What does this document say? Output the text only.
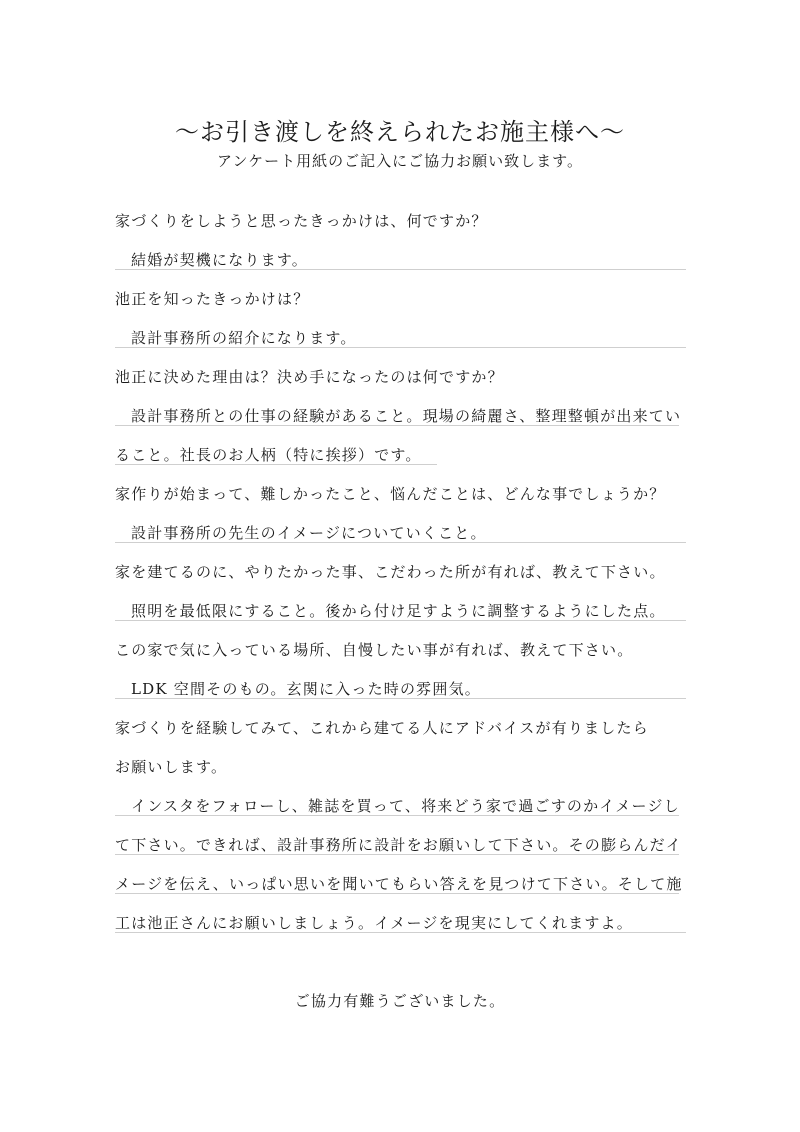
〜お引き渡しを終えられたお施主様へ〜
アンケート用紙のご記入にご協力お願い致します。
家づくりをしようと思ったきっかけは、何ですか？
結婚が契機になります。
池正を知ったきっかけは？
設計事務所の紹介になります。
池正に決めた理由は？決め手になったのは何ですか？
設計事務所との仕事の経験があること。現場の綺麗さ、整理整頓が出来てい
ること。社長のお人柄（特に挨拶）です。
家作りが始まって、難しかったこと、悩んだことは、どんな事でしょうか？
設計事務所の先生のイメージについていくこと。
家を建てるのに、やりたかった事、こだわった所が有れば、教えて下さい。
照明を最低限にすること。後から付け足すように調整するようにした点。
この家で気に入っている場所、自慢したい事が有れば、教えて下さい。
LDK 空間そのもの。玄関に入った時の雰囲気。
家づくりを経験してみて、これから建てる人にアドバイスが有りましたら
お願いします。
インスタをフォローし、雑誌を買って、将来どう家で過ごすのかイメージし
て下さい。できれば、設計事務所に設計をお願いして下さい。その膨らんだイ
メージを伝え、いっぱい思いを聞いてもらい答えを見つけて下さい。そして施
工は池正さんにお願いしましょう。イメージを現実にしてくれますよ。
ご協力有難うございました。
